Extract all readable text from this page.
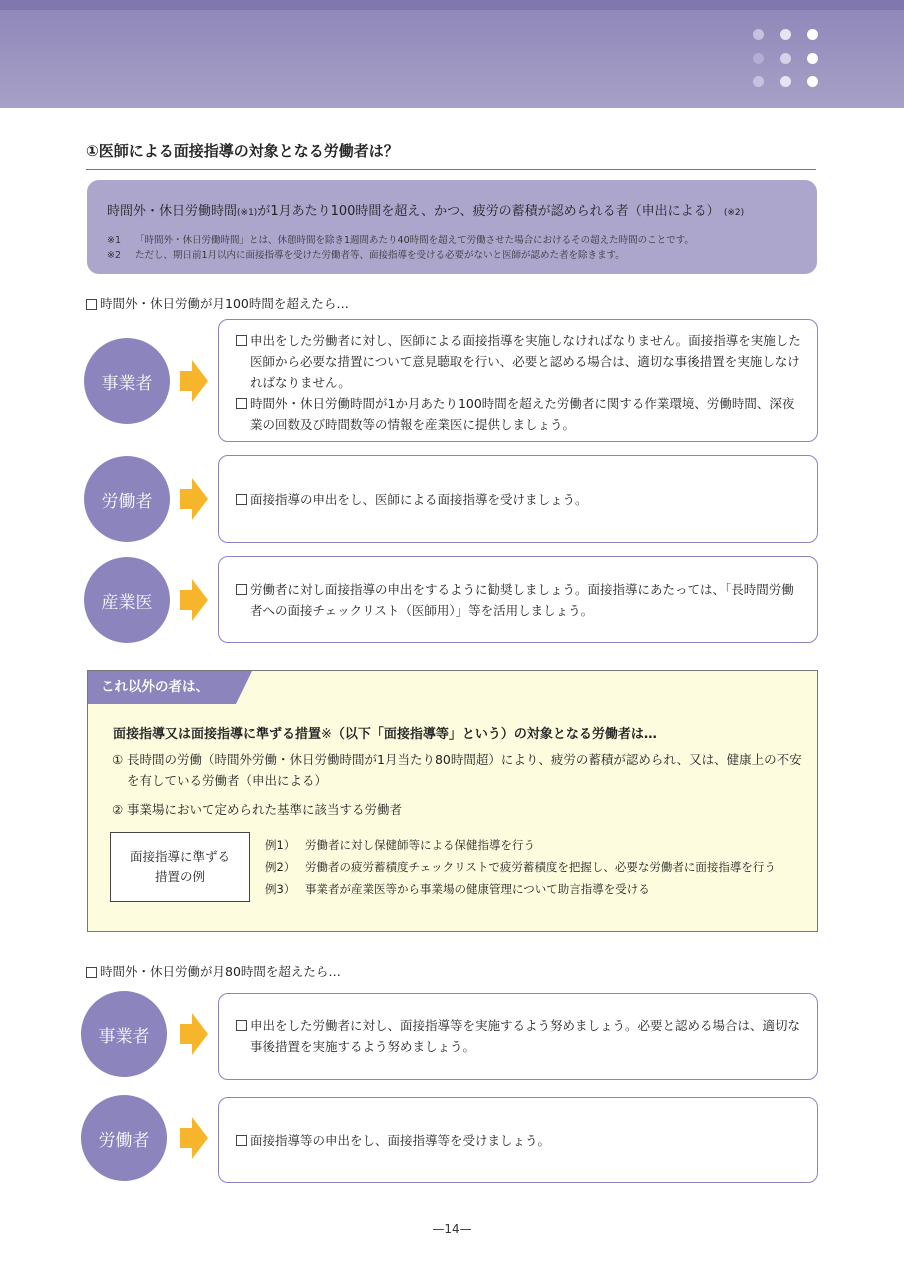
①医師による面接指導の対象となる労働者は？
時間外・休日労働時間(※1)が1月あたり100時間を超え、かつ、疲労の蓄積が認められる者（申出による） (※2)
※1	「時間外・休日労働時間」とは、休憩時間を除き1週間あたり40時間を超えて労働させた場合におけるその超えた時間のことです。
※2	ただし、期日前1月以内に面接指導を受けた労働者等、面接指導を受ける必要がないと医師が認めた者を除きます。
時間外・休日労働が月100時間を超えたら…
事業者
申出をした労働者に対し、医師による面接指導を実施しなければなりません。面接指導を実施した医師から必要な措置について意見聴取を行い、必要と認める場合は、適切な事後措置を実施しなければなりません。
時間外・休日労働時間が1か月あたり100時間を超えた労働者に関する作業環境、労働時間、深夜業の回数及び時間数等の情報を産業医に提供しましょう。
労働者	面接指導の申出をし、医師による面接指導を受けましょう。
産業医
労働者に対し面接指導の申出をするように勧奨しましょう。面接指導にあたっては、「長時間労働者への面接チェックリスト（医師用）」等を活用しましょう。
これ以外の者は、
面接指導又は面接指導に準ずる措置※（以下「面接指導等」という）の対象となる労働者は…
① 長時間の労働（時間外労働・休日労働時間が1月当たり80時間超）により、疲労の蓄積が認められ、又は、健康上の不安を有している労働者（申出による）
② 事業場において定められた基準に該当する労働者
面接指導に準ずる
措置の例
例1） 労働者に対し保健師等による保健指導を行う
例2） 労働者の疲労蓄積度チェックリストで疲労蓄積度を把握し、必要な労働者に面接指導を行う
例3） 事業者が産業医等から事業場の健康管理について助言指導を受ける
時間外・休日労働が月80時間を超えたら…
事業者
申出をした労働者に対し、面接指導等を実施するよう努めましょう。必要と認める場合は、適切な事後措置を実施するよう努めましょう。
労働者	面接指導等の申出をし、面接指導等を受けましょう。
—14—
